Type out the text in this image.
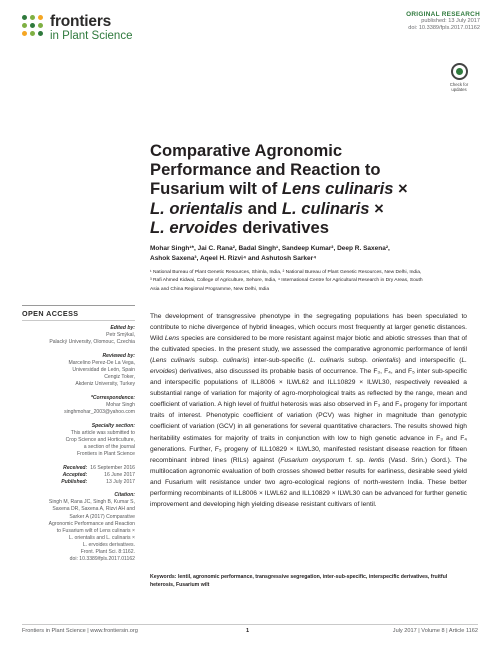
frontiers
in Plant Science
ORIGINAL RESEARCH
published: 13 July 2017
doi: 10.3389/fpls.2017.01162
Check for
updates
Comparative Agronomic
Performance and Reaction to
Fusarium wilt of Lens culinaris ×
L. orientalis and L. culinaris ×
L. ervoides derivatives
Mohar Singh¹*, Jai C. Rana², Badal Singh¹, Sandeep Kumar², Deep R. Saxena²,
Ashok Saxena³, Aqeel H. Rizvi⁴ and Ashutosh Sarker⁴
¹ National Bureau of Plant Genetic Resources, Shimla, India, ² National Bureau of Plant Genetic Resources, New Delhi, India,
³ Rafi Ahmed Kidwai, College of Agriculture, Sehore, India, ⁴ International Centre for Agricultural Research in Dry Areas, South
Asia and China Regional Programme, New Delhi, India
OPEN ACCESS
Edited by:
Petr Smýkal,
Palacký University, Olomouc, Czechia
Reviewed by:
Marcelino Perez-De La Vega,
Universidad de León, Spain
Cengiz Toker,
Akdeniz University, Turkey
*Correspondence:
Mohar Singh
singhmohar_2003@yahoo.com
Specialty section:
This article was submitted to
Crop Science and Horticulture,
a section of the journal
Frontiers in Plant Science
Received: 16 September 2016
Accepted:	16 June 2017
Published:	13 July 2017
Citation:
Singh M, Rana JC, Singh B, Kumar S,
Saxena DR, Saxena A, Rizvi AH and
Sarker A (2017) Comparative
Agronomic Performance and Reaction
to Fusarium wilt of Lens culinaris ×
L. orientalis and L. culinaris ×
L. ervoides derivatives.
Front. Plant Sci. 8:1162.
doi: 10.3389/fpls.2017.01162

The development of transgressive phenotype in the segregating populations has been speculated to contribute to niche divergence of hybrid lineages, which occurs most frequently at larger genetic distances. Wild Lens species are considered to be more resistant against major biotic and abiotic stresses than that of the cultivated species. In the present study, we assessed the comparative agronomic performance of lentil (Lens culinaris subsp. culinaris) inter-sub-specific (L. culinaris subsp. orientalis) and interspecific (L. ervoides) derivatives, also discussed its probable basis of occurrence. The F₃, F₄, and F₅ inter sub-specific and interspecific populations of ILL8006 × ILWL62 and ILL10829 × ILWL30, respectively revealed a substantial range of variation for majority of agro-morphological traits as reflected by the range, mean and coefficient of variation. A high level of fruitful heterosis was also observed in F₃ and F₄ progeny for important traits of interest. Phenotypic coefficient of variation (PCV) was higher in magnitude than genotypic coefficient of variation (GCV) in all generations for several quantitative characters. The results showed high heritability estimates for majority of traits in conjunction with low to high genetic advance in F₃ and F₄ generations. Further, F₅ progeny of ILL10829 × ILWL30, manifested resistant disease reaction for fifteen recombinant inbred lines (RILs) against (Fusarium oxysporum f. sp. lentis (Vasd. Srin.) Gord.). The multilocation agronomic evaluation of both crosses showed better results for earliness, desirable seed yield and Fusarium wilt resistance under two agro-ecological regions of north-western India. These better performing recombinants of ILL8006 × ILWL62 and ILL10829 × ILWL30 can be advanced for further genetic improvement and developing high yielding disease resistant cultivars of lentil.

Keywords: lentil, agronomic performance, transgressive segregation, inter-sub-specific, interspecific derivatives, fruitful heterosis, Fusarium wilt
Frontiers in Plant Science | www.frontiersin.org	1	July 2017 | Volume 8 | Article 1162
